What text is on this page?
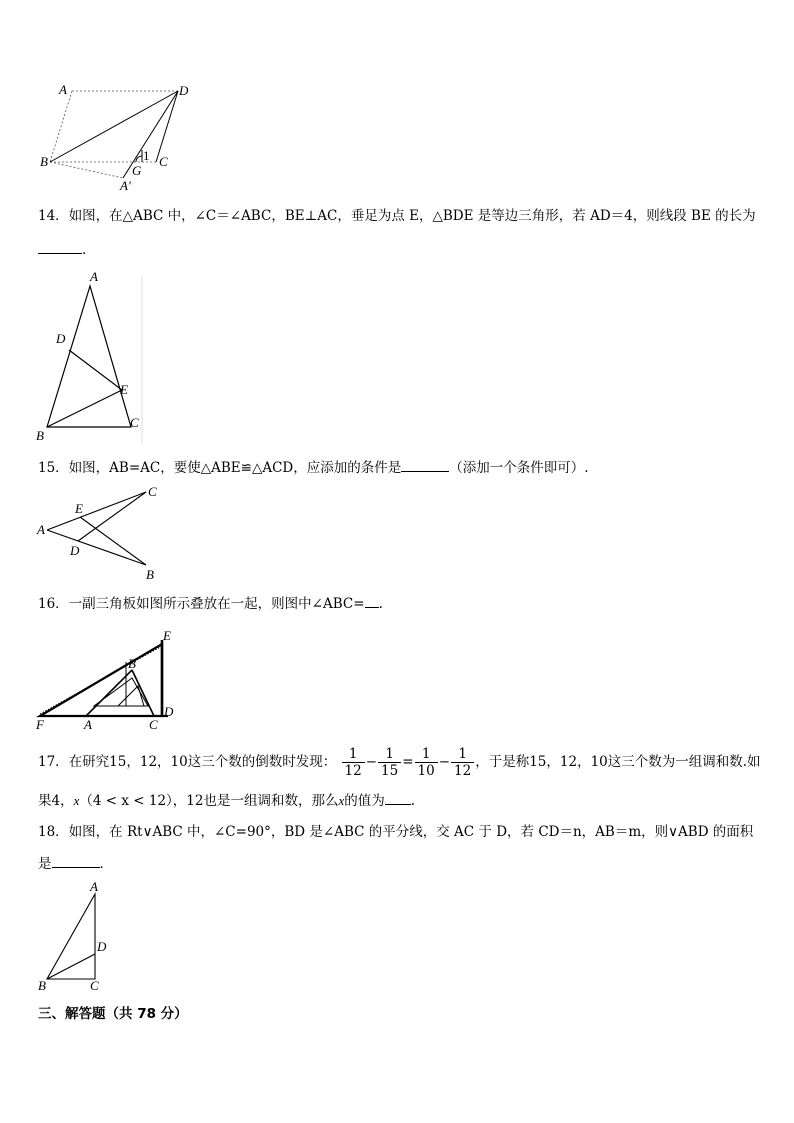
A	D
B
G
1 C
A′
14．如图，在△ABC 中，∠C＝∠ABC，BE⊥AC，垂足为点 E，△BDE 是等边三角形，若 AD＝4，则线段 BE 的长为
．
A
D
E
B
C
15．如图，AB=AC，要使△ABE≌△ACD，应添加的条件是	（添加一个条件即可）.
A
E
D
C
B
16．一副三角板如图所示叠放在一起，则图中∠ABC= .
E
B
F	A	C
D
17．在研究15，12，10这三个数的倒数时发现： $\frac{1}{12} - \frac{1}{15} = \frac{1}{10} - \frac{1}{12}$ ，于是称15，12，10这三个数为一组调和数.如
果4，x（4 < x < 12），12也是一组调和数，那么x的值为 .
18．如图，在 Rt∨ABC 中，∠C=90°，BD 是∠ABC 的平分线，交 AC 于 D，若 CD＝n，AB＝m，则∨ABD 的面积
是	．
A
D
B	C
三、解答题（共 78 分）
